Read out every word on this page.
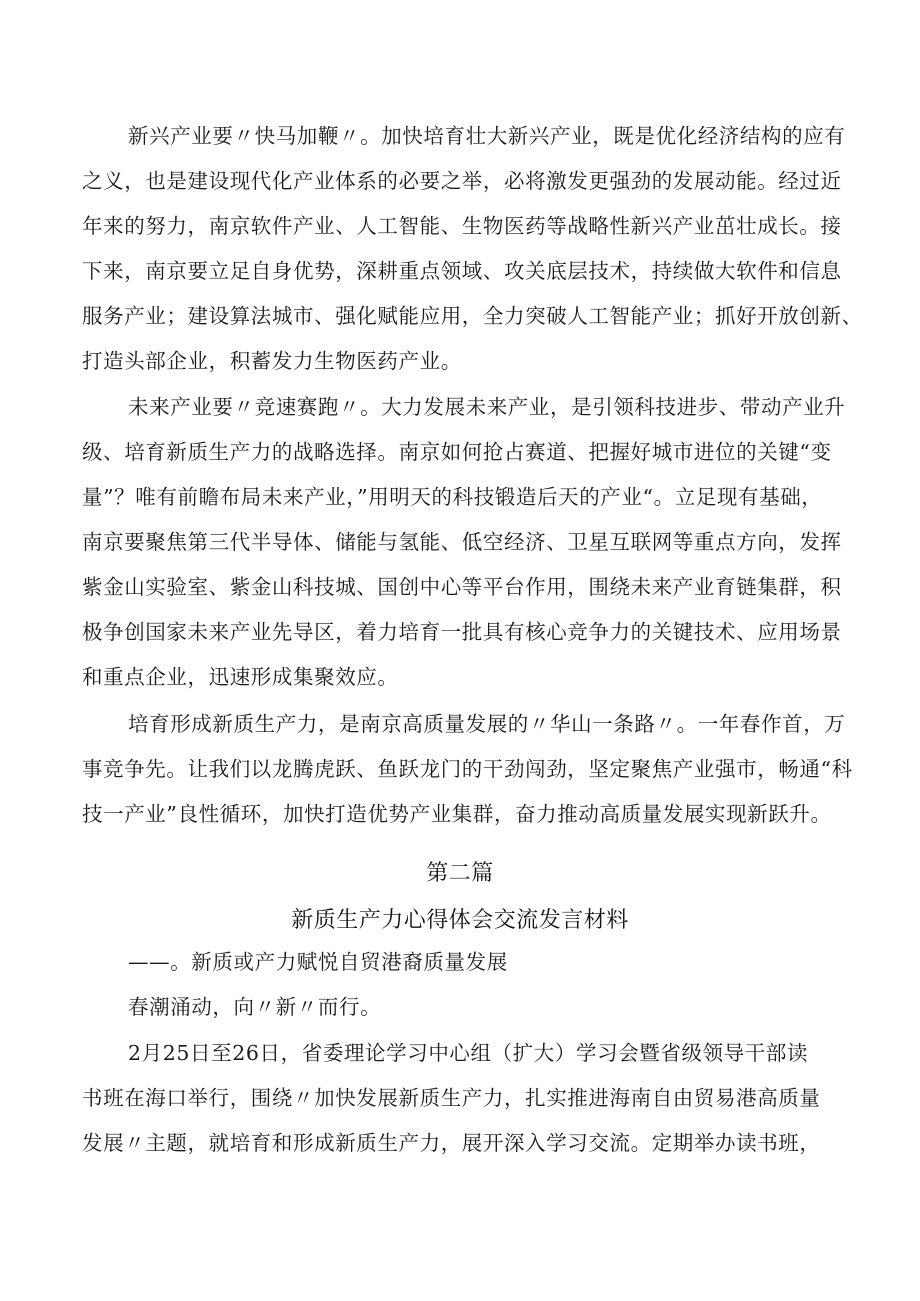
新兴产业要〃快马加鞭〃。加快培育壮大新兴产业，既是优化经济结构的应有
之义，也是建设现代化产业体系的必要之举，必将激发更强劲的发展动能。经过近
年来的努力，南京软件产业、人工智能、生物医药等战略性新兴产业茁壮成长。接
下来，南京要立足自身优势，深耕重点领域、攻关底层技术，持续做大软件和信息
服务产业；建设算法城市、强化赋能应用，全力突破人工智能产业；抓好开放创新、
打造头部企业，积蓄发力生物医药产业。
未来产业要〃竞速赛跑〃。大力发展未来产业，是引领科技进步、带动产业升
级、培育新质生产力的战略选择。南京如何抢占赛道、把握好城市进位的关键“变
量”？唯有前瞻布局未来产业，”用明天的科技锻造后天的产业“。立足现有基础，
南京要聚焦第三代半导体、储能与氢能、低空经济、卫星互联网等重点方向，发挥
紫金山实验室、紫金山科技城、国创中心等平台作用，围绕未来产业育链集群，积
极争创国家未来产业先导区，着力培育一批具有核心竞争力的关键技术、应用场景
和重点企业，迅速形成集聚效应。
培育形成新质生产力，是南京高质量发展的〃华山一条路〃。一年春作首，万
事竞争先。让我们以龙腾虎跃、鱼跃龙门的干劲闯劲，坚定聚焦产业强市，畅通“科
技一产业”良性循环，加快打造优势产业集群，奋力推动高质量发展实现新跃升。
第二篇
新质生产力心得体会交流发言材料
——。新质或产力赋悦自贸港裔质量发展
春潮涌动，向〃新〃而行。
2月25日至26日，省委理论学习中心组（扩大）学习会暨省级领导干部读
书班在海口举行，围绕〃加快发展新质生产力，扎实推进海南自由贸易港高质量
发展〃主题，就培育和形成新质生产力，展开深入学习交流。定期举办读书班，
